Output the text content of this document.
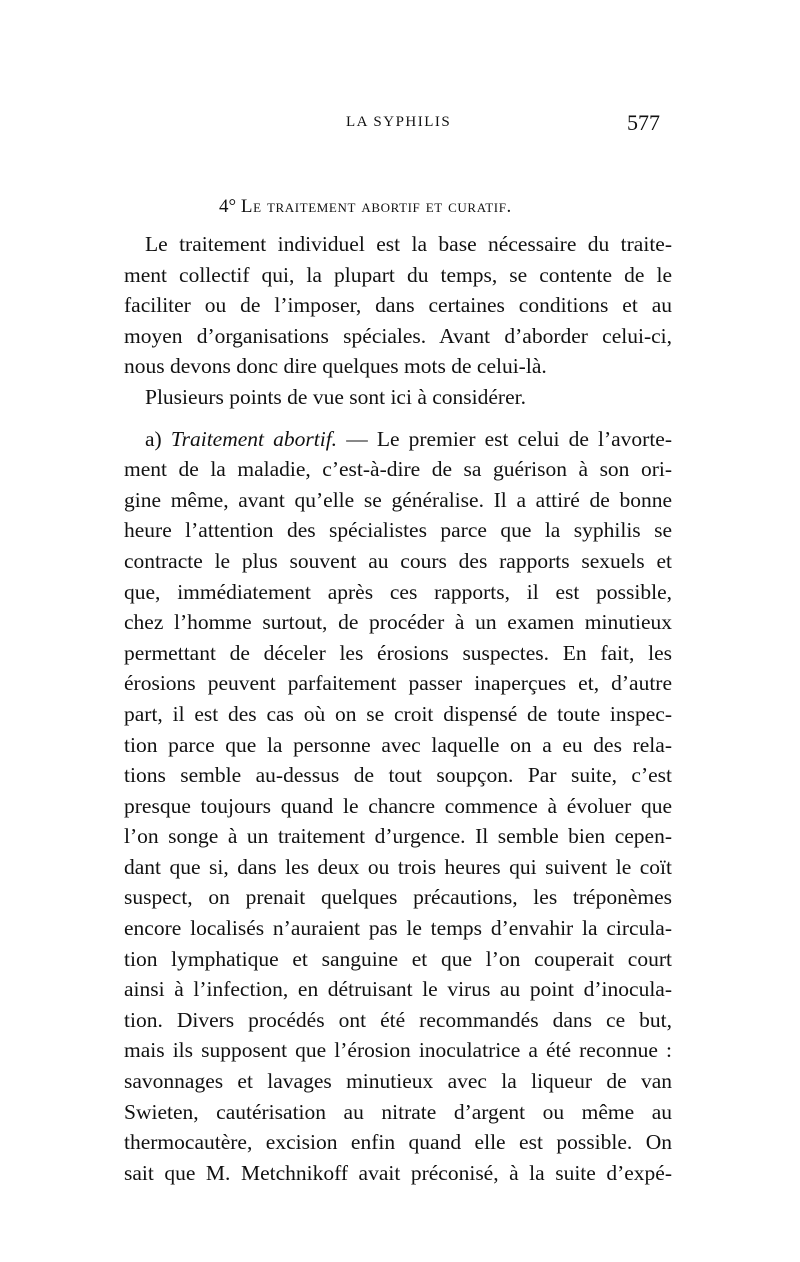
LA SYPHILIS	577
4° Le traitement abortif et curatif.
Le traitement individuel est la base nécessaire du traite-
ment collectif qui, la plupart du temps, se contente de le
faciliter ou de l’imposer, dans certaines conditions et au
moyen d’organisations spéciales. Avant d’aborder celui-ci,
nous devons donc dire quelques mots de celui-là.
Plusieurs points de vue sont ici à considérer.
a) Traitement abortif. — Le premier est celui de l’avorte-
ment de la maladie, c’est-à-dire de sa guérison à son ori-
gine même, avant qu’elle se généralise. Il a attiré de bonne
heure l’attention des spécialistes parce que la syphilis se
contracte le plus souvent au cours des rapports sexuels et
que, immédiatement après ces rapports, il est possible,
chez l’homme surtout, de procéder à un examen minutieux
permettant de déceler les érosions suspectes. En fait, les
érosions peuvent parfaitement passer inaperçues et, d’autre
part, il est des cas où on se croit dispensé de toute inspec-
tion parce que la personne avec laquelle on a eu des rela-
tions semble au-dessus de tout soupçon. Par suite, c’est
presque toujours quand le chancre commence à évoluer que
l’on songe à un traitement d’urgence. Il semble bien cepen-
dant que si, dans les deux ou trois heures qui suivent le coït
suspect, on prenait quelques précautions, les tréponèmes
encore localisés n’auraient pas le temps d’envahir la circula-
tion lymphatique et sanguine et que l’on couperait court
ainsi à l’infection, en détruisant le virus au point d’inocula-
tion. Divers procédés ont été recommandés dans ce but,
mais ils supposent que l’érosion inoculatrice a été reconnue :
savonnages et lavages minutieux avec la liqueur de van
Swieten, cautérisation au nitrate d’argent ou même au
thermocautère, excision enfin quand elle est possible. On
sait que M. Metchnikoff avait préconisé, à la suite d’expé-
